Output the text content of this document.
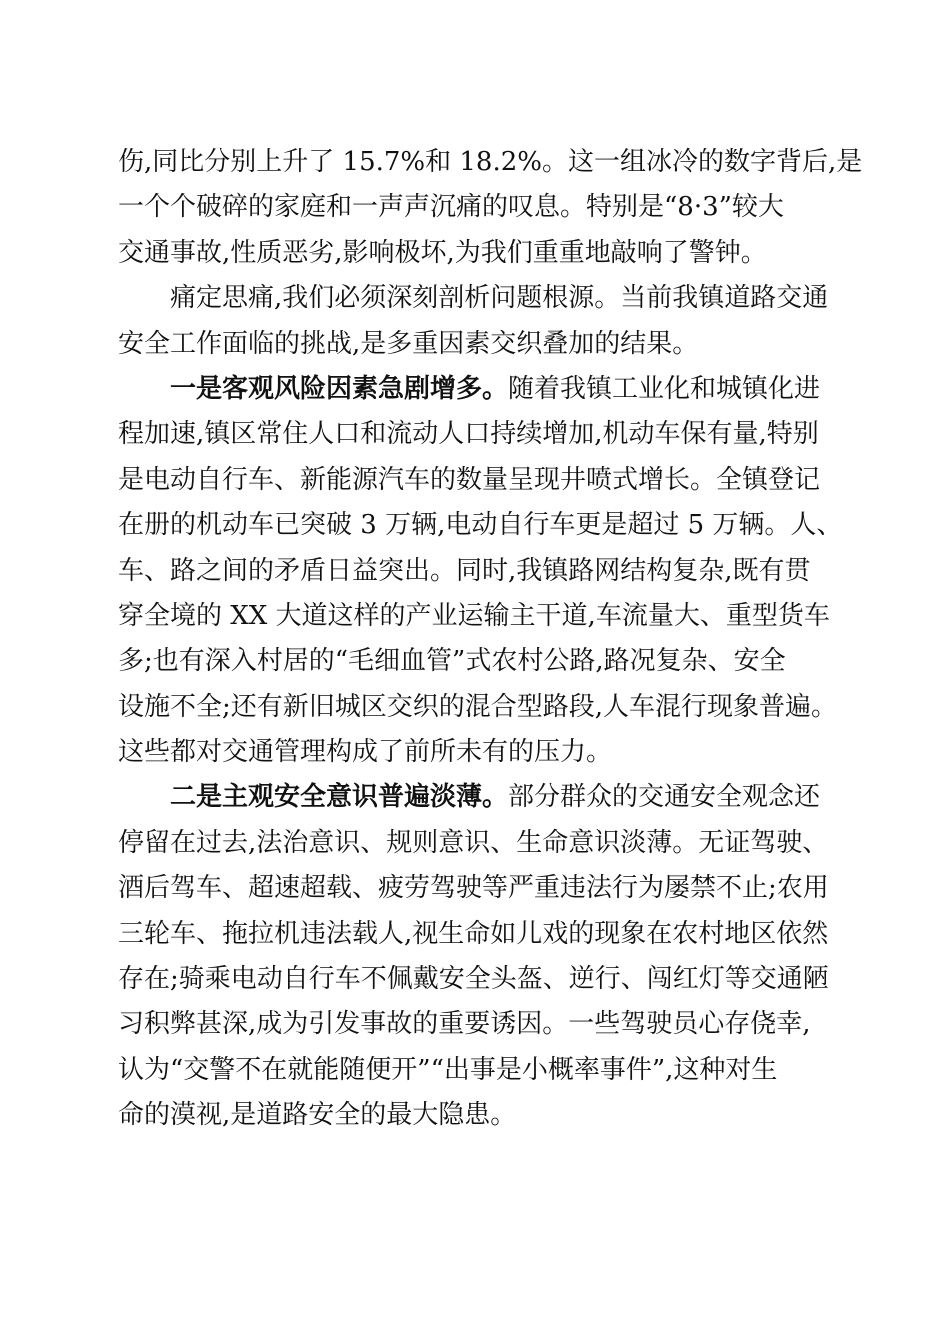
伤,同比分别上升了 15.7%和 18.2%。这一组冰冷的数字背后,是
一个个破碎的家庭和一声声沉痛的叹息。特别是“8·3”较大
交通事故,性质恶劣,影响极坏,为我们重重地敲响了警钟。
痛定思痛,我们必须深刻剖析问题根源。当前我镇道路交通
安全工作面临的挑战,是多重因素交织叠加的结果。
一是客观风险因素急剧增多。随着我镇工业化和城镇化进
程加速,镇区常住人口和流动人口持续增加,机动车保有量,特别
是电动自行车、新能源汽车的数量呈现井喷式增长。全镇登记
在册的机动车已突破 3 万辆,电动自行车更是超过 5 万辆。人、
车、路之间的矛盾日益突出。同时,我镇路网结构复杂,既有贯
穿全境的 XX 大道这样的产业运输主干道,车流量大、重型货车
多;也有深入村居的“毛细血管”式农村公路,路况复杂、安全
设施不全;还有新旧城区交织的混合型路段,人车混行现象普遍。
这些都对交通管理构成了前所未有的压力。
二是主观安全意识普遍淡薄。部分群众的交通安全观念还
停留在过去,法治意识、规则意识、生命意识淡薄。无证驾驶、
酒后驾车、超速超载、疲劳驾驶等严重违法行为屡禁不止;农用
三轮车、拖拉机违法载人,视生命如儿戏的现象在农村地区依然
存在;骑乘电动自行车不佩戴安全头盔、逆行、闯红灯等交通陋
习积弊甚深,成为引发事故的重要诱因。一些驾驶员心存侥幸,
认为“交警不在就能随便开”“出事是小概率事件”,这种对生
命的漠视,是道路安全的最大隐患。
